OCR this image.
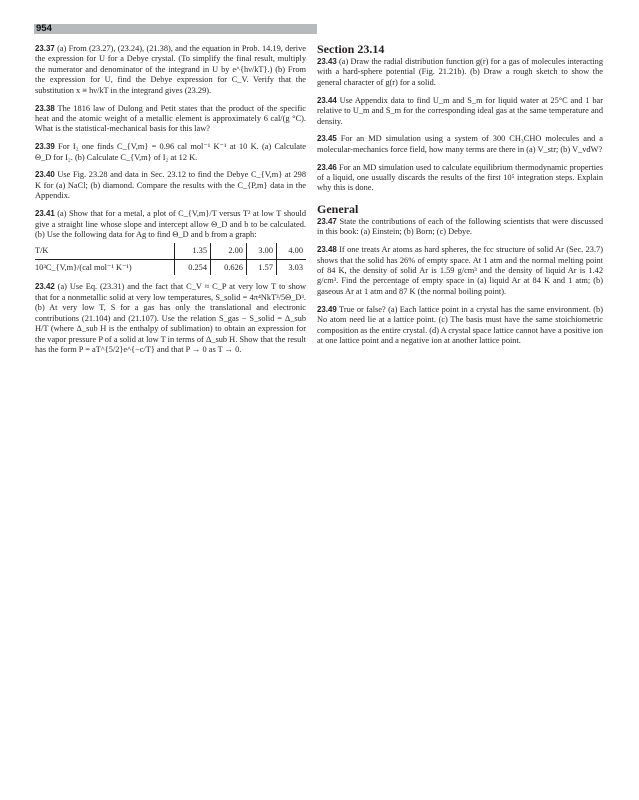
954

23.37 (a) From (23.27), (23.24), (21.38), and the equation in Prob. 14.19, derive the expression for U for a Debye crystal. (To simplify the final result, multiply the numerator and denominator of the integrand in U by e^{hν/kT}.) (b) From the expression for U, find the Debye expression for C_V. Verify that the substitution x ≡ hν/kT in the integrand gives (23.29).

23.38 The 1816 law of Dulong and Petit states that the product of the specific heat and the atomic weight of a metallic element is approximately 6 cal/(g °C). What is the statistical-mechanical basis for this law?

23.39 For I₂ one finds C_{V,m} = 0.96 cal mol⁻¹ K⁻¹ at 10 K. (a) Calculate Θ_D for I₂. (b) Calculate C_{V,m} of I₂ at 12 K.

23.40 Use Fig. 23.28 and data in Sec. 23.12 to find the Debye C_{V,m} at 298 K for (a) NaCl; (b) diamond. Compare the results with the C_{P,m} data in the Appendix.

23.41 (a) Show that for a metal, a plot of C_{V,m}/T versus T² at low T should give a straight line whose slope and intercept allow Θ_D and b to be calculated. (b) Use the following data for Ag to find Θ_D and b from a graph:

T/K	1.35	2.00	3.00	4.00
10³C_{V,m}/(cal mol⁻¹ K⁻¹)	0.254	0.626	1.57	3.03

23.42 (a) Use Eq. (23.31) and the fact that C_V ≈ C_P at very low T to show that for a nonmetallic solid at very low temperatures, S_solid = 4π⁴NkT³/5Θ_D³. (b) At very low T, S for a gas has only the translational and electronic contributions (21.104) and (21.107). Use the relation S_gas − S_solid = Δ_sub H/T (where Δ_sub H is the enthalpy of sublimation) to obtain an expression for the vapor pressure P of a solid at low T in terms of Δ_sub H. Show that the result has the form P = aT^{5/2}e^{−c/T} and that P → 0 as T → 0.

Section 23.14

23.43 (a) Draw the radial distribution function g(r) for a gas of molecules interacting with a hard-sphere potential (Fig. 21.21b). (b) Draw a rough sketch to show the general character of g(r) for a solid.

23.44 Use Appendix data to find U_m and S_m for liquid water at 25°C and 1 bar relative to U_m and S_m for the corresponding ideal gas at the same temperature and density.

23.45 For an MD simulation using a system of 300 CH₃CHO molecules and a molecular-mechanics force field, how many terms are there in (a) V_str; (b) V_vdW?

23.46 For an MD simulation used to calculate equilibrium thermodynamic properties of a liquid, one usually discards the results of the first 10⁵ integration steps. Explain why this is done.

General

23.47 State the contributions of each of the following scientists that were discussed in this book: (a) Einstein; (b) Born; (c) Debye.

23.48 If one treats Ar atoms as hard spheres, the fcc structure of solid Ar (Sec. 23.7) shows that the solid has 26% of empty space. At 1 atm and the normal melting point of 84 K, the density of solid Ar is 1.59 g/cm³ and the density of liquid Ar is 1.42 g/cm³. Find the percentage of empty space in (a) liquid Ar at 84 K and 1 atm; (b) gaseous Ar at 1 atm and 87 K (the normal boiling point).

23.49 True or false? (a) Each lattice point in a crystal has the same environment. (b) No atom need lie at a lattice point. (c) The basis must have the same stoichiometric composition as the entire crystal. (d) A crystal space lattice cannot have a positive ion at one lattice point and a negative ion at another lattice point.
